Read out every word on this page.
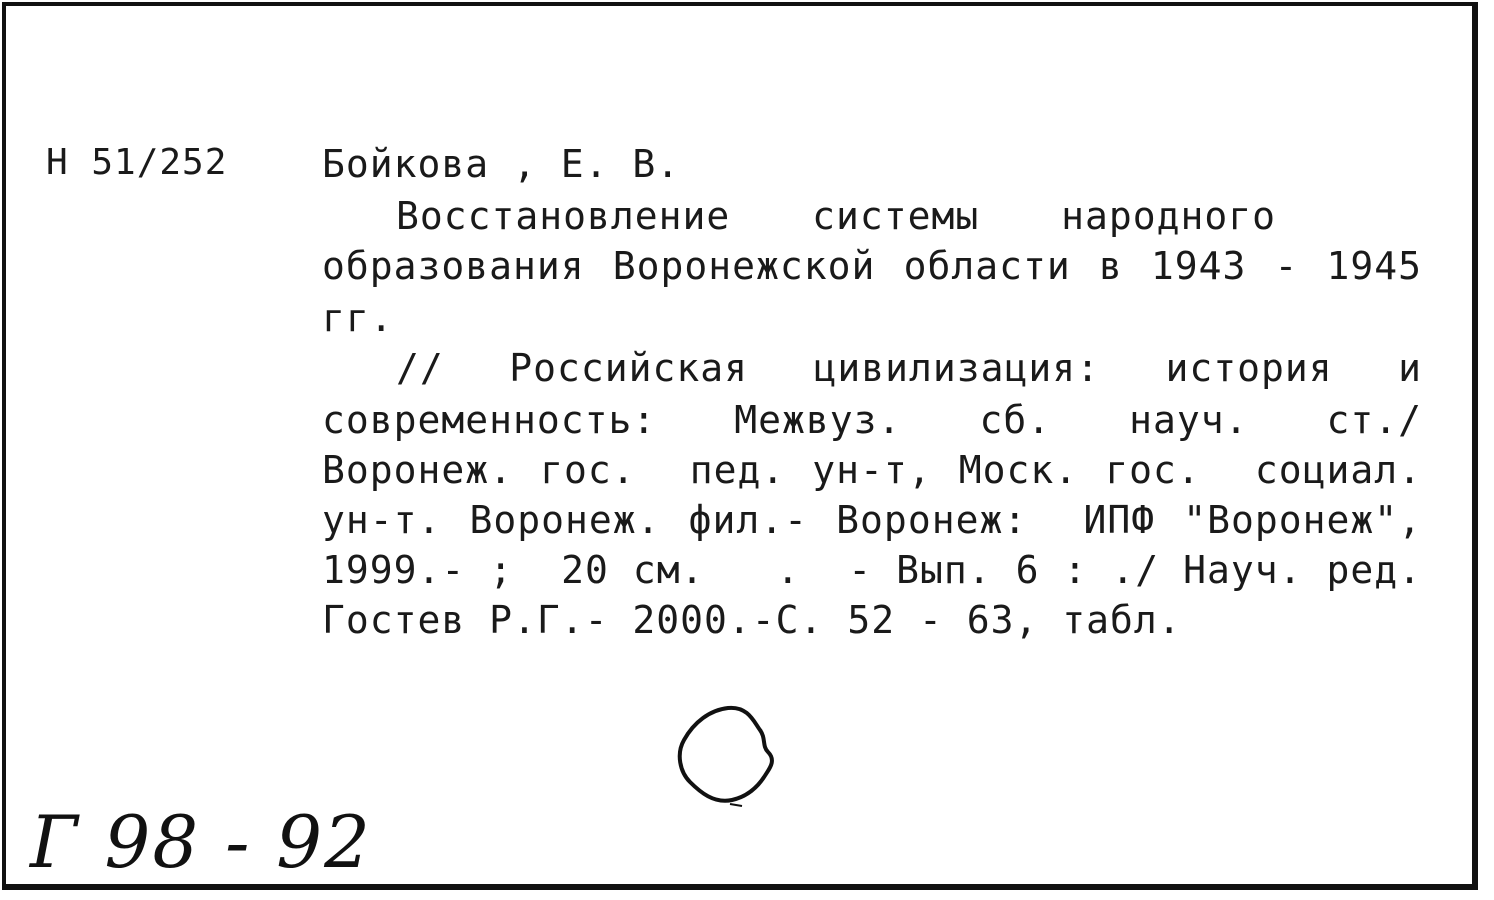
Н 51/252 Бойкова , Е. В.
Восстановление  системы  народного
образования Воронежской области в 1943 - 1945
гг.
//  Российская  цивилизация:  история  и
современность:  Межвуз.  сб.  науч.  ст./
Воронеж. гос.  пед. ун-т, Моск. гос.  социал.
ун-т. Воронеж. фил.- Воронеж:  ИПФ "Воронеж",
1999.- ;  20 см.   .  - Вып. 6 : ./ Науч. ред.
Гостев Р.Г.- 2000.-С. 52 - 63, табл.
Г 98 - 92
